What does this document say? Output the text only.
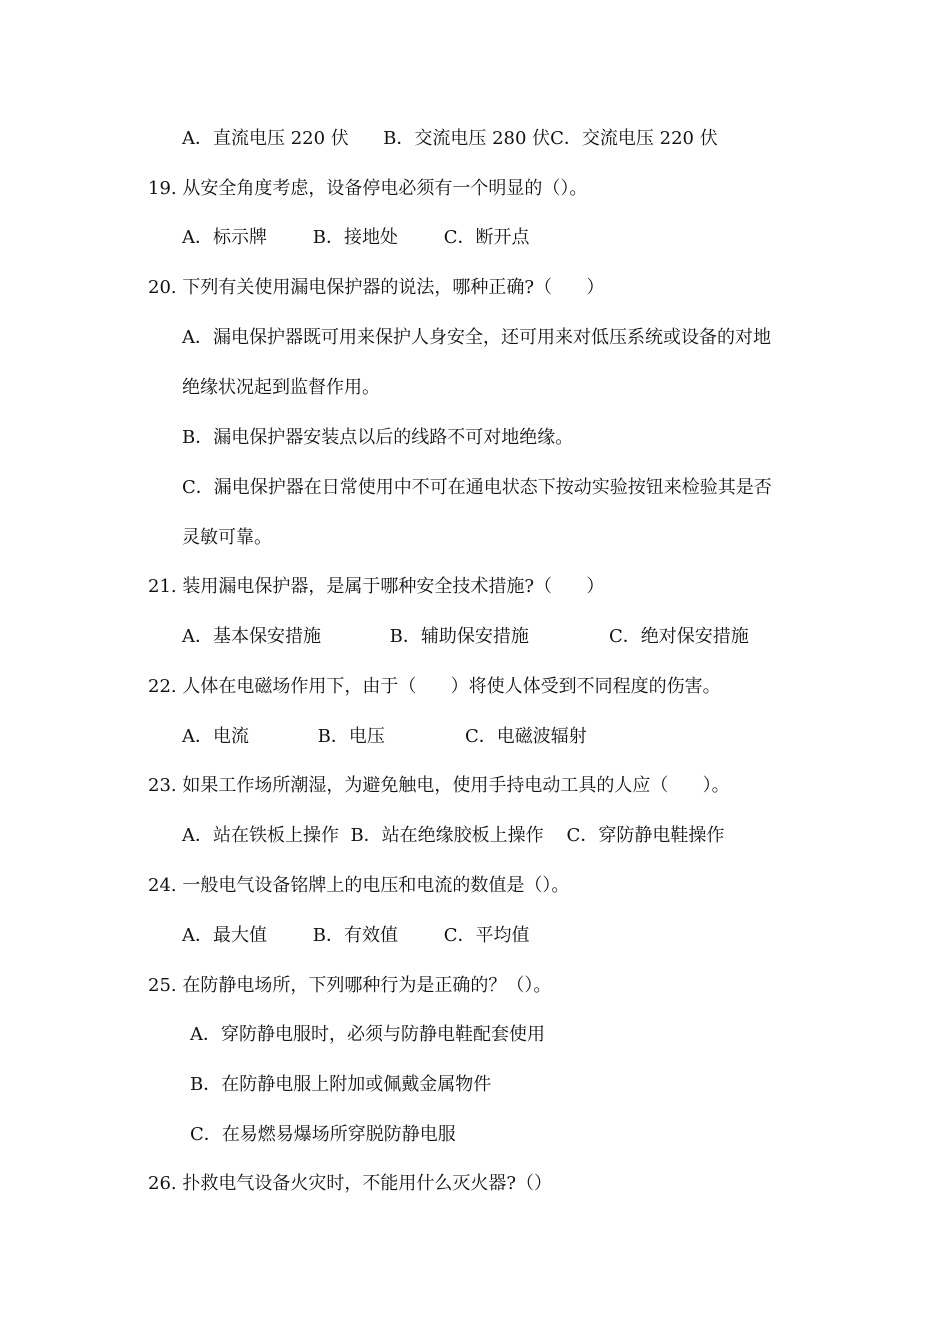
A．直流电压 220 伏      B．交流电压 280 伏C．交流电压 220 伏
19. 从安全角度考虑，设备停电必须有一个明显的（）。
A．标示牌        B．接地处        C．断开点
20. 下列有关使用漏电保护器的说法，哪种正确?（      ）
A．漏电保护器既可用来保护人身安全，还可用来对低压系统或设备的对地
绝缘状况起到监督作用。
B．漏电保护器安装点以后的线路不可对地绝缘。
C．漏电保护器在日常使用中不可在通电状态下按动实验按钮来检验其是否
灵敏可靠。
21. 装用漏电保护器，是属于哪种安全技术措施?（      ）
A．基本保安措施            B．辅助保安措施              C．绝对保安措施
22. 人体在电磁场作用下，由于（      ）将使人体受到不同程度的伤害。
A．电流            B．电压              C．电磁波辐射
23. 如果工作场所潮湿，为避免触电，使用手持电动工具的人应（      ）。
A．站在铁板上操作  B．站在绝缘胶板上操作    C．穿防静电鞋操作
24. 一般电气设备铭牌上的电压和电流的数值是（）。
A．最大值        B．有效值        C．平均值
25. 在防静电场所，下列哪种行为是正确的？（）。
A．穿防静电服时，必须与防静电鞋配套使用
B．在防静电服上附加或佩戴金属物件
C．在易燃易爆场所穿脱防静电服
26. 扑救电气设备火灾时，不能用什么灭火器?（）
